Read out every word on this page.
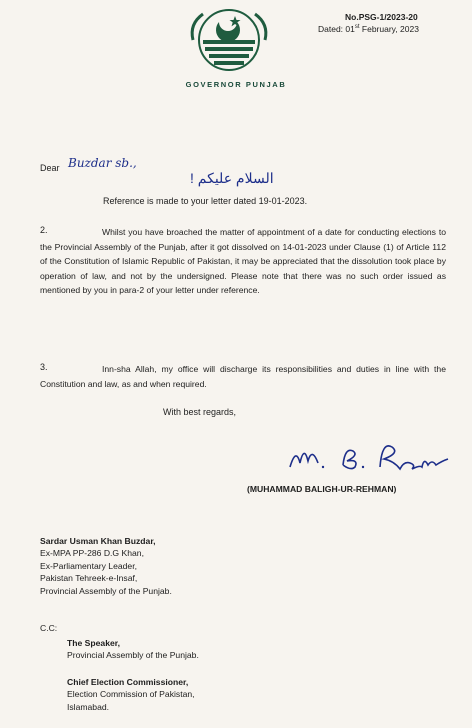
GOVERNOR PUNJAB
No.PSG-1/2023-20
Dated: 01st February, 2023
Dear Buzdar sb.,
السلام علیکم !
Reference is made to your letter dated 19-01-2023.
2.	Whilst you have broached the matter of appointment of a date for conducting elections to the Provincial Assembly of the Punjab, after it got dissolved on 14-01-2023 under Clause (1) of Article 112 of the Constitution of Islamic Republic of Pakistan, it may be appreciated that the dissolution took place by operation of law, and not by the undersigned. Please note that there was no such order issued as mentioned by you in para-2 of your letter under reference.
3.	Inn-sha Allah, my office will discharge its responsibilities and duties in line with the Constitution and law, as and when required.
With best regards,
(MUHAMMAD BALIGH-UR-REHMAN)
Sardar Usman Khan Buzdar,
Ex-MPA PP-286 D.G Khan,
Ex-Parliamentary Leader,
Pakistan Tehreek-e-Insaf,
Provincial Assembly of the Punjab.
C.C:
The Speaker,
Provincial Assembly of the Punjab.
Chief Election Commissioner,
Election Commission of Pakistan,
Islamabad.
